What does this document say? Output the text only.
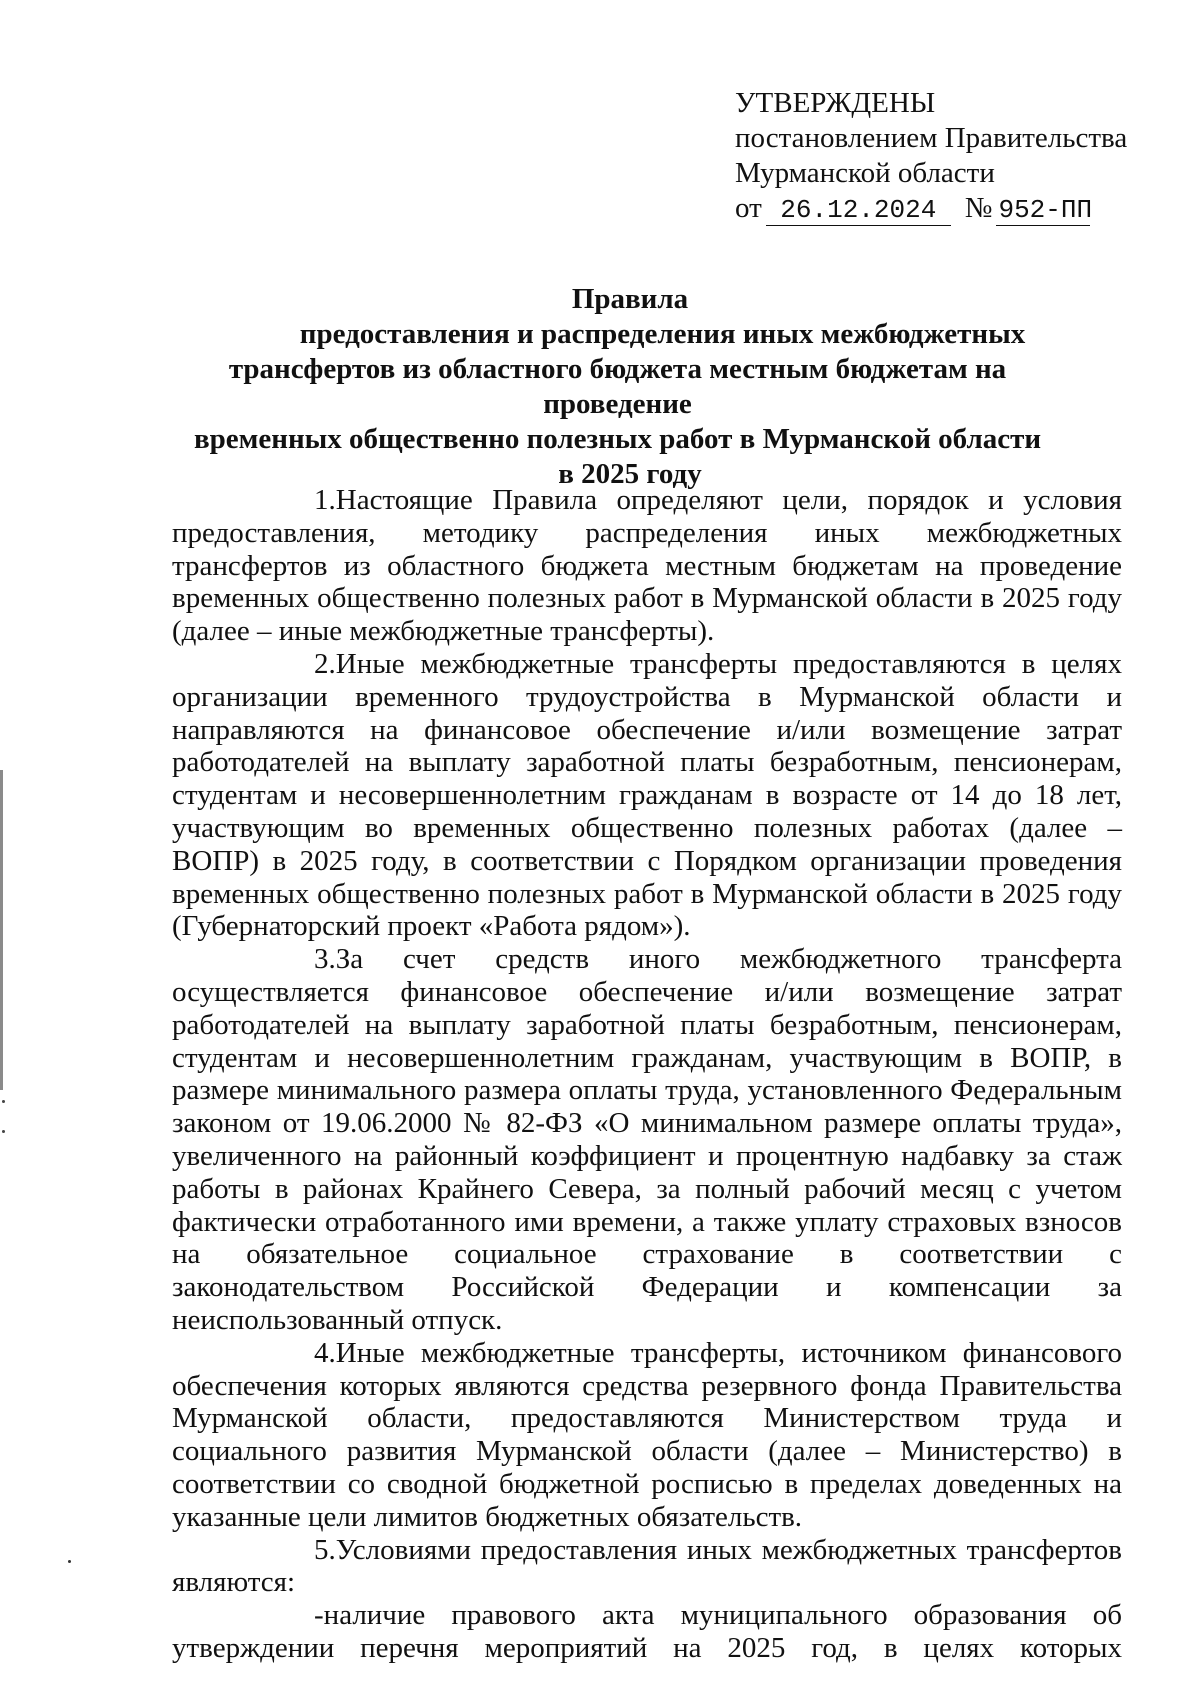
УТВЕРЖДЕНЫ
постановлением Правительства
Мурманской области
от 26.12.2024 № 952-ПП
Правила
предоставления и распределения иных межбюджетных
трансфертов из областного бюджета местным бюджетам на проведение
временных общественно полезных работ в Мурманской области
в 2025 году

1.Настоящие Правила определяют цели, порядок и условия предоставления, методику распределения иных межбюджетных трансфертов из областного бюджета местным бюджетам на проведение временных общественно полезных работ в Мурманской области в 2025 году (далее – иные межбюджетные трансферты).

2.Иные межбюджетные трансферты предоставляются в целях организации временного трудоустройства в Мурманской области и направляются на финансовое обеспечение и/или возмещение затрат работодателей на выплату заработной платы безработным, пенсионерам, студентам и несовершеннолетним гражданам в возрасте от 14 до 18 лет, участвующим во временных общественно полезных работах (далее – ВОПР) в 2025 году, в соответствии с Порядком организации проведения временных общественно полезных работ в Мурманской области в 2025 году (Губернаторский проект «Работа рядом»).

3.За счет средств иного межбюджетного трансферта осуществляется финансовое обеспечение и/или возмещение затрат работодателей на выплату заработной платы безработным, пенсионерам, студентам и несовершеннолетним гражданам, участвующим в ВОПР, в размере минимального размера оплаты труда, установленного Федеральным законом от 19.06.2000 № 82-ФЗ «О минимальном размере оплаты труда», увеличенного на районный коэффициент и процентную надбавку за стаж работы в районах Крайнего Севера, за полный рабочий месяц с учетом фактически отработанного ими времени, а также уплату страховых взносов на обязательное социальное страхование в соответствии с законодательством Российской Федерации и компенсации за неиспользованный отпуск.

4.Иные межбюджетные трансферты, источником финансового обеспечения которых являются средства резервного фонда Правительства Мурманской области, предоставляются Министерством труда и социального развития Мурманской области (далее – Министерство) в соответствии со сводной бюджетной росписью в пределах доведенных на указанные цели лимитов бюджетных обязательств.

5.Условиями предоставления иных межбюджетных трансфертов являются:

-наличие правового акта муниципального образования об утверждении перечня мероприятий на 2025 год, в целях которых
